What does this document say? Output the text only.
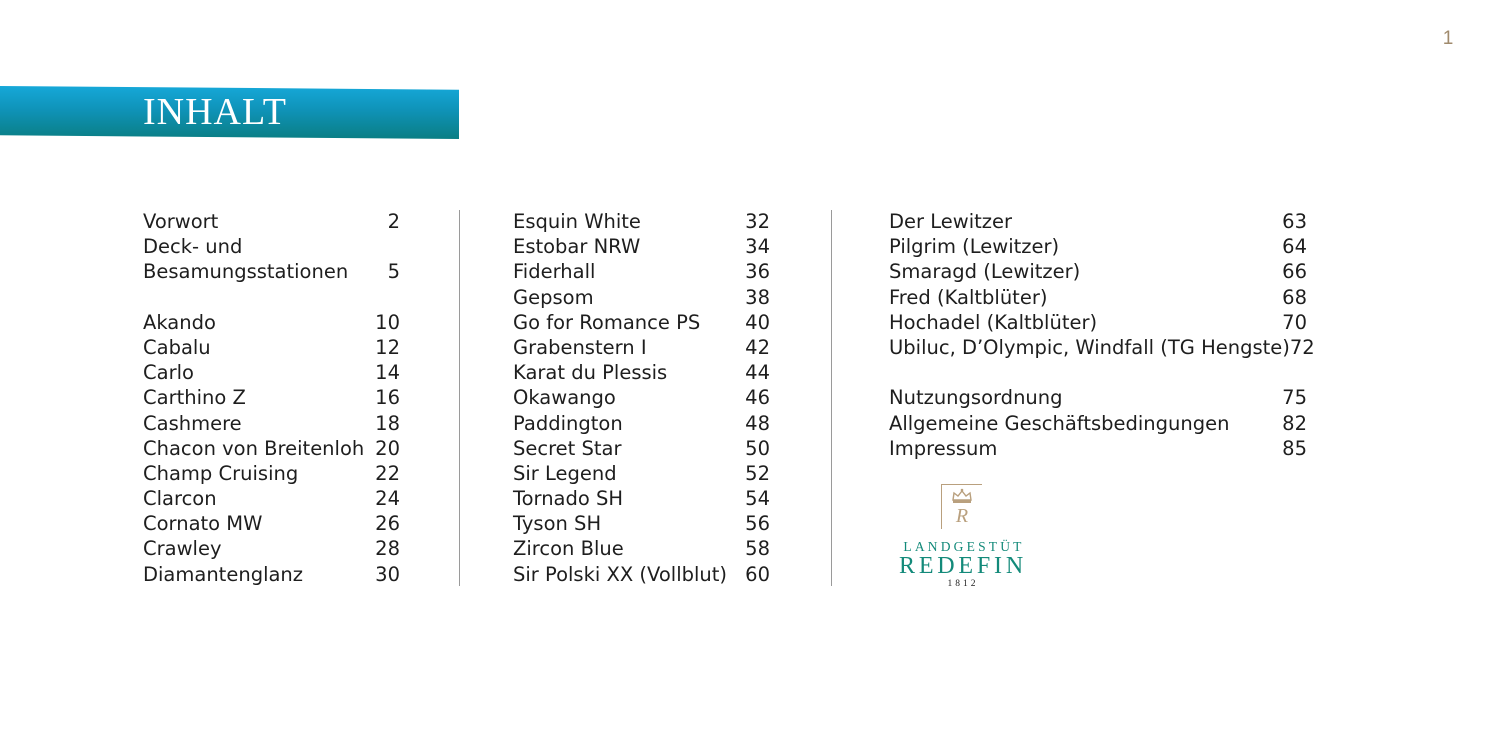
1
INHALT
Vorwort	2
Deck- und
Besamungsstationen	5
Akando	10
Cabalu	12
Carlo	14
Carthino Z	16
Cashmere	18
Chacon von Breitenloh 20
Champ Cruising	22
Clarcon	24
Cornato MW	26
Crawley	28
Diamantenglanz	30
Esquin White	32
Estobar NRW	34
Fiderhall	36
Gepsom	38
Go for Romance PS	40
Grabenstern I	42
Karat du Plessis	44
Okawango	46
Paddington	48
Secret Star	50
Sir Legend	52
Tornado SH	54
Tyson SH	56
Zircon Blue	58
Sir Polski XX (Vollblut) 60
Der Lewitzer	63
Pilgrim (Lewitzer)	64
Smaragd (Lewitzer)	66
Fred (Kaltblüter)	68
Hochadel (Kaltblüter)	70
Ubiluc, D’Olympic, Windfall (TG Hengste) 72
Nutzungsordnung	75
Allgemeine Geschäftsbedingungen	82
Impressum	85
R
LANDGESTÜT
REDEFIN
1812
